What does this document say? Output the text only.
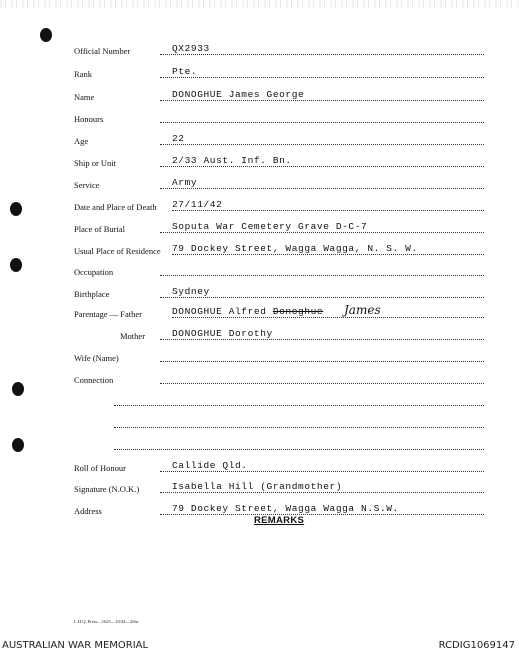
Official Number	QX2933
Rank	Pte.
Name	DONOGHUE James George
Honours
Age	22
Ship or Unit	2/33 Aust. Inf. Bn.
Service	Army
Date and Place of Death 27/11/42
Place of Burial	Soputa War Cemetery Grave D-C-7
Usual Place of Residence 79 Dockey Street, Wagga Wagga, N. S. W.
Occupation
Birthplace	Sydney
Parentage — Father	DONOGHUE Alfred Donoghue James
Mother	DONOGHUE Dorothy
Wife (Name)
Connection
Roll of Honour	Callide Qld.
Signature (N.O.K.)	Isabella Hill (Grandmother)
Address	79 Dockey Street, Wagga Wagga N.S.W.
REMARKS
L.H.Q. Press—1625—10/44—20m.
AUSTRALIAN WAR MEMORIAL	RCDIG1069147
